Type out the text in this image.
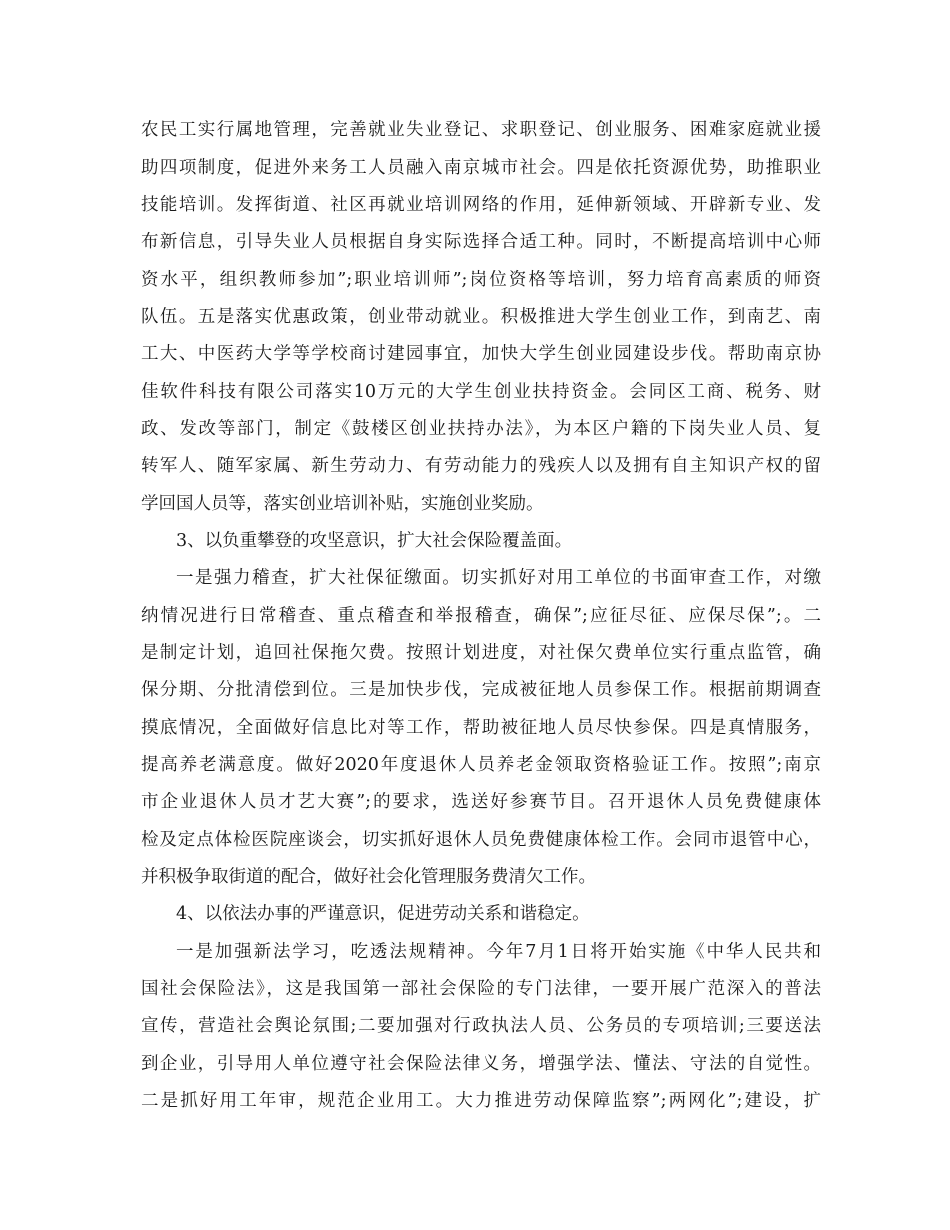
农民工实行属地管理，完善就业失业登记、求职登记、创业服务、困难家庭就业援
助四项制度，促进外来务工人员融入南京城市社会。四是依托资源优势，助推职业
技能培训。发挥街道、社区再就业培训网络的作用，延伸新领域、开辟新专业、发
布新信息，引导失业人员根据自身实际选择合适工种。同时，不断提高培训中心师
资水平，组织教师参加”;职业培训师”;岗位资格等培训，努力培育高素质的师资
队伍。五是落实优惠政策，创业带动就业。积极推进大学生创业工作，到南艺、南
工大、中医药大学等学校商讨建园事宜，加快大学生创业园建设步伐。帮助南京协
佳软件科技有限公司落实10万元的大学生创业扶持资金。会同区工商、税务、财
政、发改等部门，制定《鼓楼区创业扶持办法》，为本区户籍的下岗失业人员、复
转军人、随军家属、新生劳动力、有劳动能力的残疾人以及拥有自主知识产权的留
学回国人员等，落实创业培训补贴，实施创业奖励。
3、以负重攀登的攻坚意识，扩大社会保险覆盖面。
一是强力稽查，扩大社保征缴面。切实抓好对用工单位的书面审查工作，对缴
纳情况进行日常稽查、重点稽查和举报稽查，确保”;应征尽征、应保尽保”;。二
是制定计划，追回社保拖欠费。按照计划进度，对社保欠费单位实行重点监管，确
保分期、分批清偿到位。三是加快步伐，完成被征地人员参保工作。根据前期调查
摸底情况，全面做好信息比对等工作，帮助被征地人员尽快参保。四是真情服务，
提高养老满意度。做好2020年度退休人员养老金领取资格验证工作。按照”;南京
市企业退休人员才艺大赛”;的要求，选送好参赛节目。召开退休人员免费健康体
检及定点体检医院座谈会，切实抓好退休人员免费健康体检工作。会同市退管中心，
并积极争取街道的配合，做好社会化管理服务费清欠工作。
4、以依法办事的严谨意识，促进劳动关系和谐稳定。
一是加强新法学习，吃透法规精神。今年7月1日将开始实施《中华人民共和
国社会保险法》，这是我国第一部社会保险的专门法律，一要开展广范深入的普法
宣传，营造社会舆论氛围;二要加强对行政执法人员、公务员的专项培训;三要送法
到企业，引导用人单位遵守社会保险法律义务，增强学法、懂法、守法的自觉性。
二是抓好用工年审，规范企业用工。大力推进劳动保障监察”;两网化”;建设，扩
